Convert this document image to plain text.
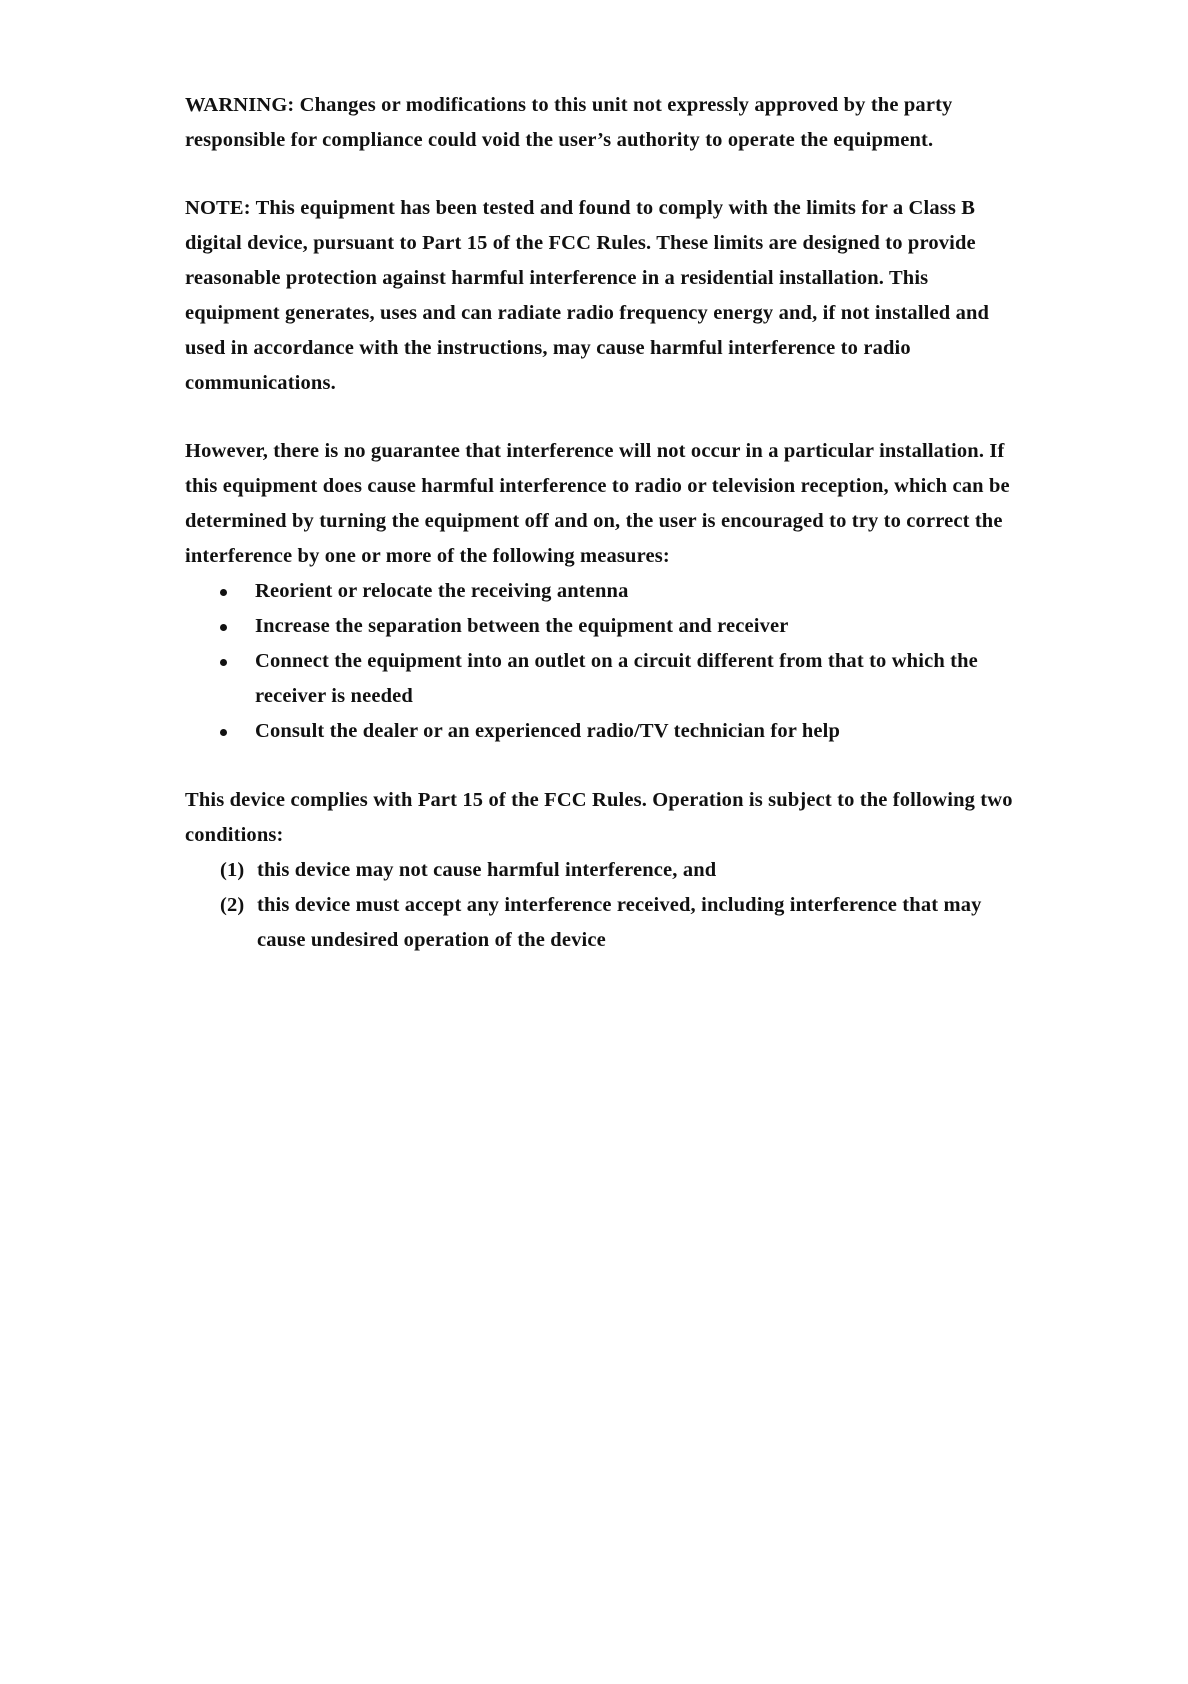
WARNING: Changes or modifications to this unit not expressly approved by the party responsible for compliance could void the user’s authority to operate the equipment.

NOTE: This equipment has been tested and found to comply with the limits for a Class B digital device, pursuant to Part 15 of the FCC Rules. These limits are designed to provide reasonable protection against harmful interference in a residential installation. This equipment generates, uses and can radiate radio frequency energy and, if not installed and used in accordance with the instructions, may cause harmful interference to radio communications.

However, there is no guarantee that interference will not occur in a particular installation. If this equipment does cause harmful interference to radio or television reception, which can be determined by turning the equipment off and on, the user is encouraged to try to correct the interference by one or more of the following measures:

Reorient or relocate the receiving antenna
Increase the separation between the equipment and receiver
Connect the equipment into an outlet on a circuit different from that to which the receiver is needed
Consult the dealer or an experienced radio/TV technician for help

This device complies with Part 15 of the FCC Rules. Operation is subject to the following two conditions:

(1) this device may not cause harmful interference, and
(2) this device must accept any interference received, including interference that may cause undesired operation of the device
